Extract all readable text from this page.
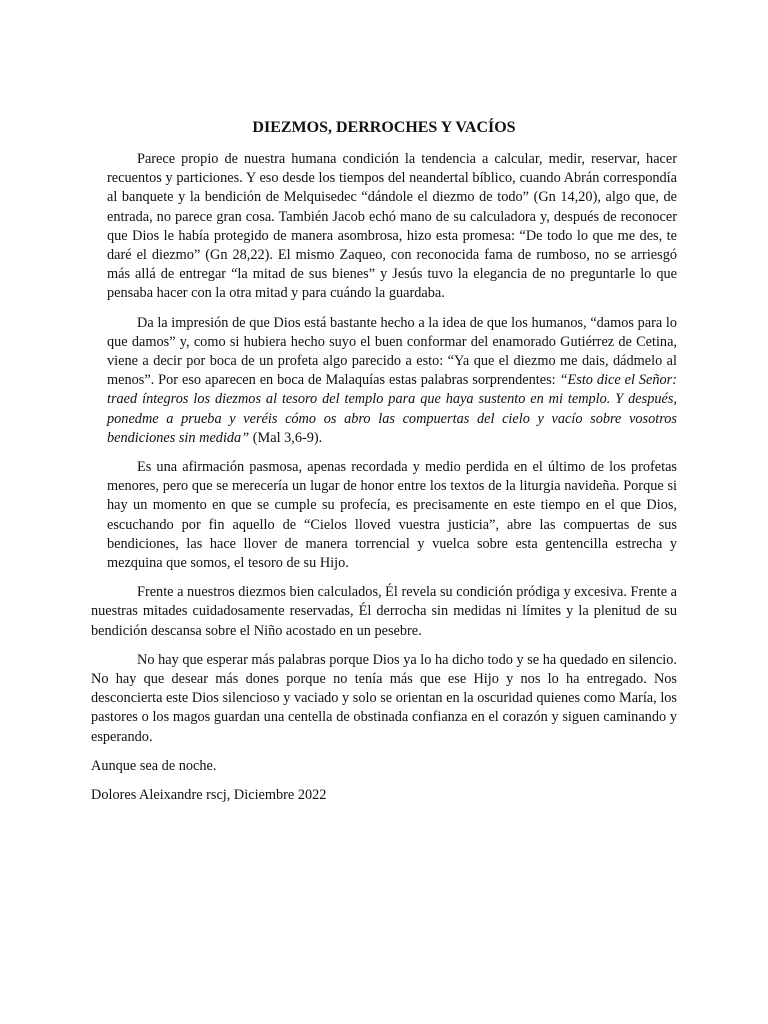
DIEZMOS, DERROCHES Y VACÍOS

Parece propio de nuestra humana condición la tendencia a calcular, medir, reservar, hacer recuentos y particiones. Y eso desde los tiempos del neandertal bíblico, cuando Abrán correspondía al banquete y la bendición de Melquisedec “dándole el diezmo de todo” (Gn 14,20), algo que, de entrada, no parece gran cosa. También Jacob echó mano de su calculadora y, después de reconocer que Dios le había protegido de manera asombrosa, hizo esta promesa: “De todo lo que me des, te daré el diezmo” (Gn 28,22). El mismo Zaqueo, con reconocida fama de rumboso, no se arriesgó más allá de entregar “la mitad de sus bienes” y Jesús tuvo la elegancia de no preguntarle lo que pensaba hacer con la otra mitad y para cuándo la guardaba.

Da la impresión de que Dios está bastante hecho a la idea de que los humanos, “damos para lo que damos” y, como si hubiera hecho suyo el buen conformar del enamorado Gutiérrez de Cetina, viene a decir por boca de un profeta algo parecido a esto: “Ya que el diezmo me dais, dádmelo al menos”. Por eso aparecen en boca de Malaquías estas palabras sorprendentes: “Esto dice el Señor: traed íntegros los diezmos al tesoro del templo para que haya sustento en mi templo. Y después, ponedme a prueba y veréis cómo os abro las compuertas del cielo y vacío sobre vosotros bendiciones sin medida” (Mal 3,6-9).

Es una afirmación pasmosa, apenas recordada y medio perdida en el último de los profetas menores, pero que se merecería un lugar de honor entre los textos de la liturgia navideña. Porque si hay un momento en que se cumple su profecía, es precisamente en este tiempo en el que Dios, escuchando por fin aquello de “Cielos lloved vuestra justicia”, abre las compuertas de sus bendiciones, las hace llover de manera torrencial y vuelca sobre esta gentencilla estrecha y mezquina que somos, el tesoro de su Hijo.

Frente a nuestros diezmos bien calculados, Él revela su condición pródiga y excesiva. Frente a nuestras mitades cuidadosamente reservadas, Él derrocha sin medidas ni límites y la plenitud de su bendición descansa sobre el Niño acostado en un pesebre.

No hay que esperar más palabras porque Dios ya lo ha dicho todo y se ha quedado en silencio. No hay que desear más dones porque no tenía más que ese Hijo y nos lo ha entregado. Nos desconcierta este Dios silencioso y vaciado y solo se orientan en la oscuridad quienes como María, los pastores o los magos guardan una centella de obstinada confianza en el corazón y siguen caminando y esperando.

Aunque sea de noche.

Dolores Aleixandre rscj, Diciembre 2022
